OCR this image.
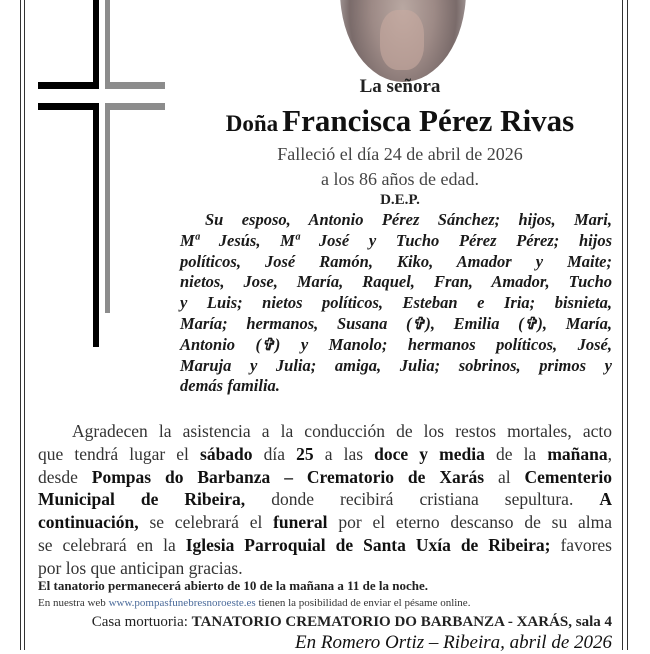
La señora
Doña Francisca Pérez Rivas
Falleció el día 24 de abril de 2026
a los 86 años de edad.
D.E.P.
Su esposo, Antonio Pérez Sánchez; hijos, Mari,
Mª Jesús, Mª José y Tucho Pérez Pérez; hijos
políticos, José Ramón, Kiko, Amador y Maite;
nietos, Jose, María, Raquel, Fran, Amador, Tucho
y Luis; nietos políticos, Esteban e Iria; bisnieta,
María; hermanos, Susana (✞), Emilia (✞), María,
Antonio (✞) y Manolo; hermanos políticos, José,
Maruja y Julia; amiga, Julia; sobrinos, primos y
demás familia.
Agradecen la asistencia a la conducción de los restos mortales, acto
que tendrá lugar el sábado día 25 a las doce y media de la mañana,
desde Pompas do Barbanza – Crematorio de Xarás al Cementerio
Municipal de Ribeira, donde recibirá cristiana sepultura. A
continuación, se celebrará el funeral por el eterno descanso de su alma
se celebrará en la Iglesia Parroquial de Santa Uxía de Ribeira; favores
por los que anticipan gracias.
El tanatorio permanecerá abierto de 10 de la mañana a 11 de la noche.
En nuestra web www.pompasfunebresnoroeste.es tienen la posibilidad de enviar el pésame online.
Casa mortuoria: TANATORIO CREMATORIO DO BARBANZA - XARÁS, sala 4
En Romero Ortiz – Ribeira, abril de 2026
